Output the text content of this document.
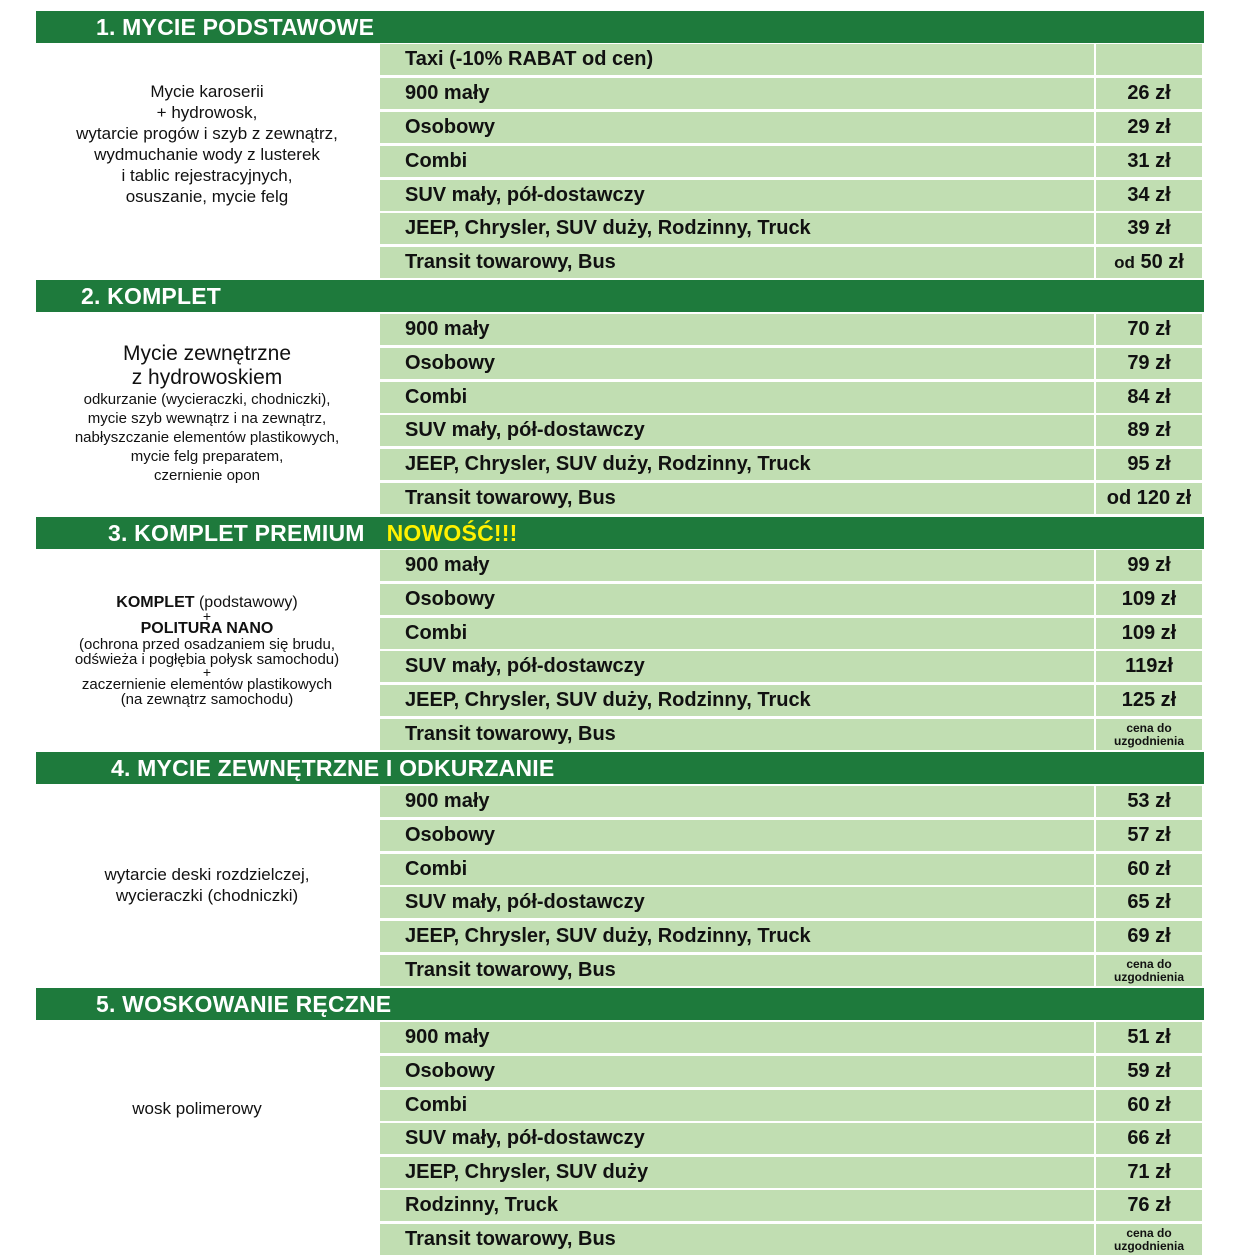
1. MYCIE PODSTAWOWE
Mycie karoserii
+ hydrowosk,
wytarcie progów i szyb z zewnątrz,
wydmuchanie wody z lusterek
i tablic rejestracyjnych,
osuszanie, mycie felg
Taxi (-10% RABAT od cen)
900 mały	26 zł
Osobowy	29 zł
Combi	31 zł
SUV mały, pół-dostawczy	34 zł
JEEP, Chrysler, SUV duży, Rodzinny, Truck	39 zł
Transit towarowy, Bus	od 50 zł
2. KOMPLET
Mycie zewnętrzne
z hydrowoskiem
odkurzanie (wycieraczki, chodniczki),
mycie szyb wewnątrz i na zewnątrz,
nabłyszczanie elementów plastikowych,
mycie felg preparatem,
czernienie opon
900 mały	70 zł
Osobowy	79 zł
Combi	84 zł
SUV mały, pół-dostawczy	89 zł
JEEP, Chrysler, SUV duży, Rodzinny, Truck	95 zł
Transit towarowy, Bus	od 120 zł
3. KOMPLET PREMIUM NOWOŚĆ!!!
KOMPLET (podstawowy)
+
POLITURA NANO
(ochrona przed osadzaniem się brudu,
odświeża i pogłębia połysk samochodu)
+
zaczernienie elementów plastikowych
(na zewnątrz samochodu)
900 mały	99 zł
Osobowy	109 zł
Combi	109 zł
SUV mały, pół-dostawczy	119zł
JEEP, Chrysler, SUV duży, Rodzinny, Truck	125 zł
Transit towarowy, Bus	cena do
uzgodnienia
4. MYCIE ZEWNĘTRZNE I ODKURZANIE
wytarcie deski rozdzielczej,
wycieraczki (chodniczki)
900 mały	53 zł
Osobowy	57 zł
Combi	60 zł
SUV mały, pół-dostawczy	65 zł
JEEP, Chrysler, SUV duży, Rodzinny, Truck	69 zł
Transit towarowy, Bus	cena do
uzgodnienia
5. WOSKOWANIE RĘCZNE
wosk polimerowy
900 mały	51 zł
Osobowy	59 zł
Combi	60 zł
SUV mały, pół-dostawczy	66 zł
JEEP, Chrysler, SUV duży	71 zł
Rodzinny, Truck	76 zł
Transit towarowy, Bus	cena do
uzgodnienia
